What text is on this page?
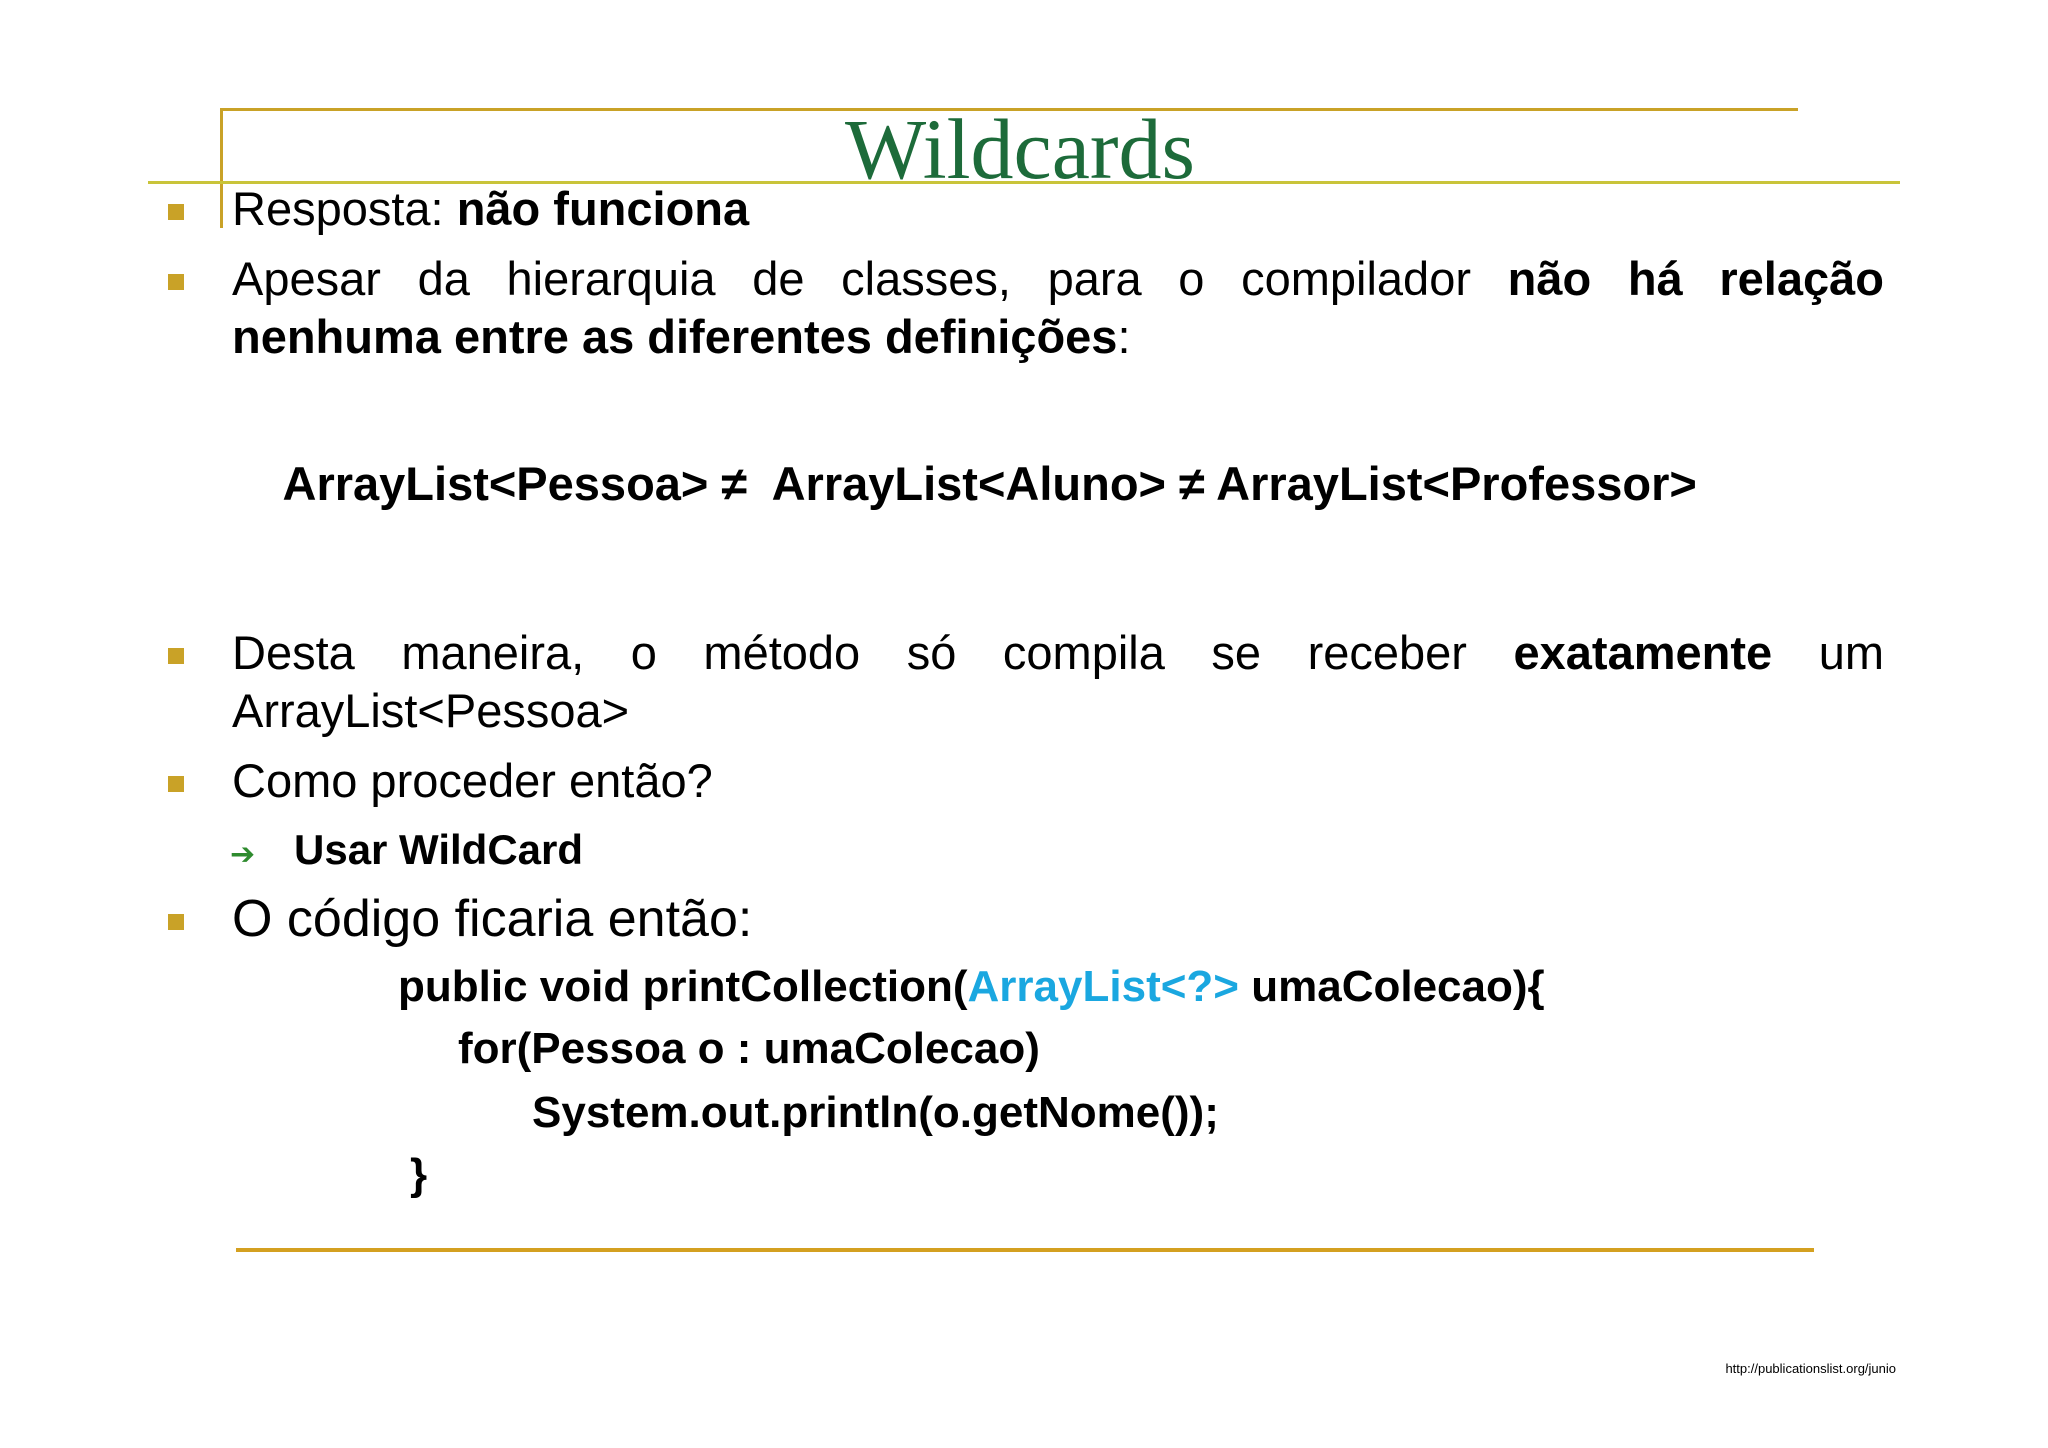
Wildcards

Resposta: não funciona

Apesar da hierarquia de classes, para o compilador não há relação

nenhuma entre as diferentes definições:

ArrayList<Pessoa> ≠  ArrayList<Aluno> ≠ ArrayList<Professor>

Desta maneira, o método só compila se receber exatamente um

ArrayList<Pessoa>

Como proceder então?

➔ Usar WildCard

O código ficaria então:

public void printCollection(ArrayList<?> umaColecao){

for(Pessoa o : umaColecao)

System.out.println(o.getNome());

}

http://publicationslist.org/junio
